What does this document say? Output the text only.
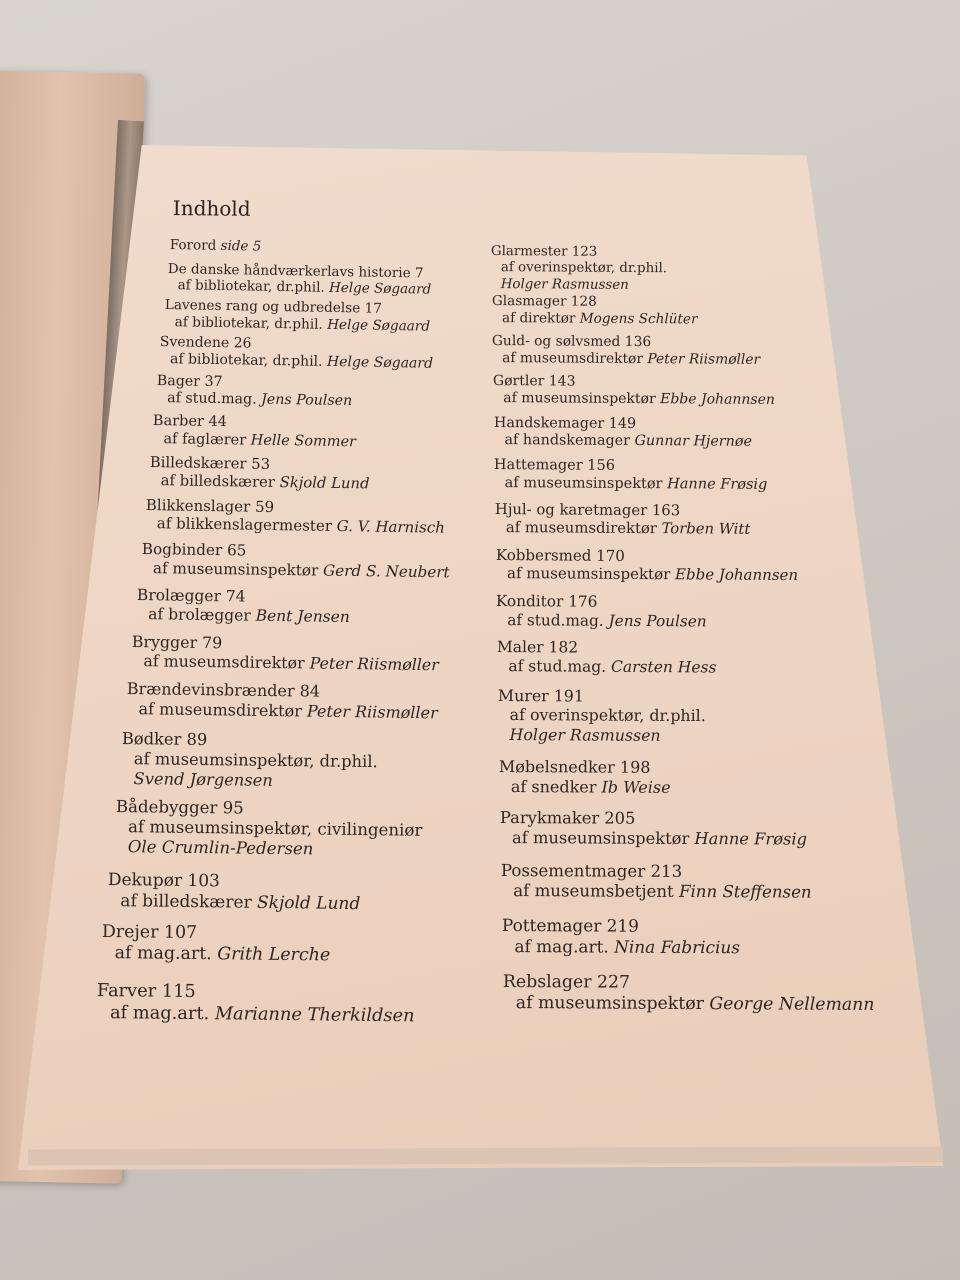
Indhold
Forord side 5
De danske håndværkerlavs historie 7
af bibliotekar, dr.phil. Helge Søgaard
Lavenes rang og udbredelse 17
af bibliotekar, dr.phil. Helge Søgaard
Svendene 26
af bibliotekar, dr.phil. Helge Søgaard
Bager 37
af stud.mag. Jens Poulsen
Barber 44
af faglærer Helle Sommer
Billedskærer 53
af billedskærer Skjold Lund
Blikkenslager 59
af blikkenslagermester G. V. Harnisch
Bogbinder 65
af museumsinspektør Gerd S. Neubert
Brolægger 74
af brolægger Bent Jensen
Brygger 79
af museumsdirektør Peter Riismøller
Brændevinsbrænder 84
af museumsdirektør Peter Riismøller
Bødker 89
af museumsinspektør, dr.phil.
Svend Jørgensen
Bådebygger 95
af museumsinspektør, civilingeniør
Ole Crumlin-Pedersen
Dekupør 103
af billedskærer Skjold Lund
Drejer 107
af mag.art. Grith Lerche
Farver 115
af mag.art. Marianne Therkildsen
Glarmester 123
af overinspektør, dr.phil.
Holger Rasmussen
Glasmager 128
af direktør Mogens Schlüter
Guld- og sølvsmed 136
af museumsdirektør Peter Riismøller
Gørtler 143
af museumsinspektør Ebbe Johannsen
Handskemager 149
af handskemager Gunnar Hjernøe
Hattemager 156
af museumsinspektør Hanne Frøsig
Hjul- og karetmager 163
af museumsdirektør Torben Witt
Kobbersmed 170
af museumsinspektør Ebbe Johannsen
Konditor 176
af stud.mag. Jens Poulsen
Maler 182
af stud.mag. Carsten Hess
Murer 191
af overinspektør, dr.phil.
Holger Rasmussen
Møbelsnedker 198
af snedker Ib Weise
Parykmaker 205
af museumsinspektør Hanne Frøsig
Possementmager 213
af museumsbetjent Finn Steffensen
Pottemager 219
af mag.art. Nina Fabricius
Rebslager 227
af museumsinspektør George Nellemann
